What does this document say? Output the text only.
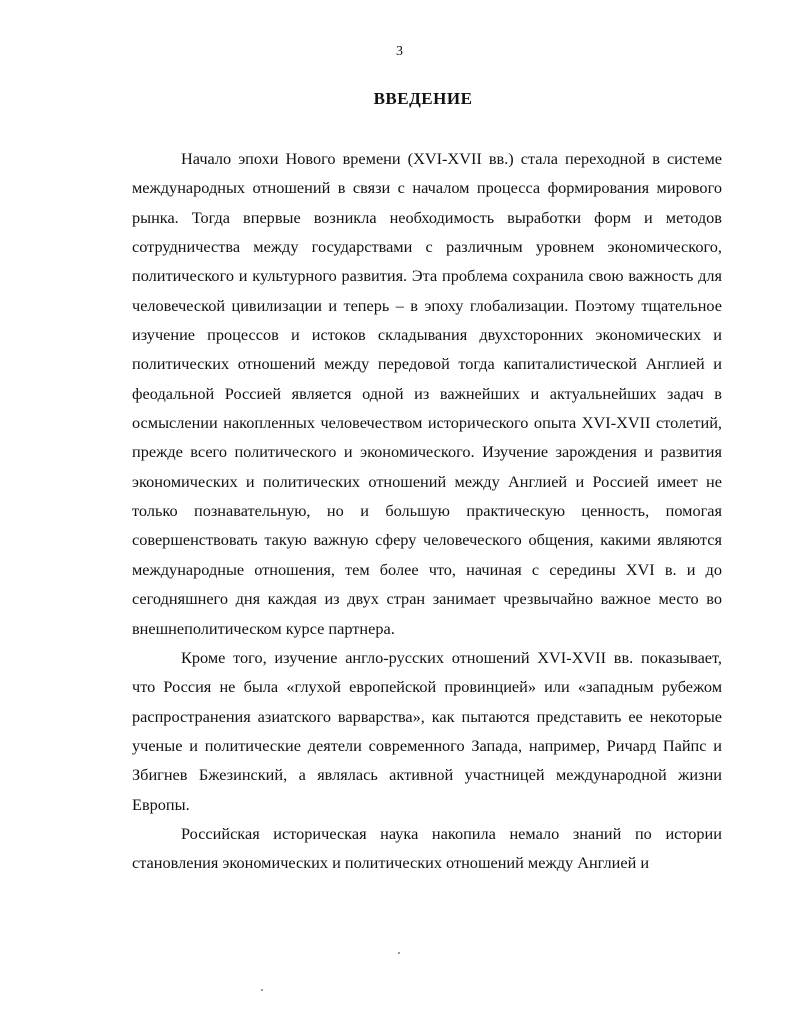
3
ВВЕДЕНИЕ

Начало эпохи Нового времени (XVI-XVII вв.) стала переходной в системе международных отношений в связи с началом процесса формирования мирового рынка. Тогда впервые возникла необходимость выработки форм и методов сотрудничества между государствами с различным уровнем экономического, политического и культурного развития. Эта проблема сохранила свою важность для человеческой цивилизации и теперь – в эпоху глобализации. Поэтому тщательное изучение процессов и истоков складывания двухсторонних экономических и политических отношений между передовой тогда капиталистической Англией и феодальной Россией является одной из важнейших и актуальнейших задач в осмыслении накопленных человечеством исторического опыта XVI-XVII столетий, прежде всего политического и экономического. Изучение зарождения и развития экономических и политических отношений между Англией и Россией имеет не только познавательную, но и большую практическую ценность, помогая совершенствовать такую важную сферу человеческого общения, какими являются международные отношения, тем более что, начиная с середины XVI в. и до сегодняшнего дня каждая из двух стран занимает чрезвычайно важное место во внешнеполитическом курсе партнера.

Кроме того, изучение англо-русских отношений XVI-XVII вв. показывает, что Россия не была «глухой европейской провинцией» или «западным рубежом распространения азиатского варварства», как пытаются представить ее некоторые ученые и политические деятели современного Запада, например, Ричард Пайпс и Збигнев Бжезинский, а являлась активной участницей международной жизни Европы.

Российская историческая наука накопила немало знаний по истории становления экономических и политических отношений между Англией и
